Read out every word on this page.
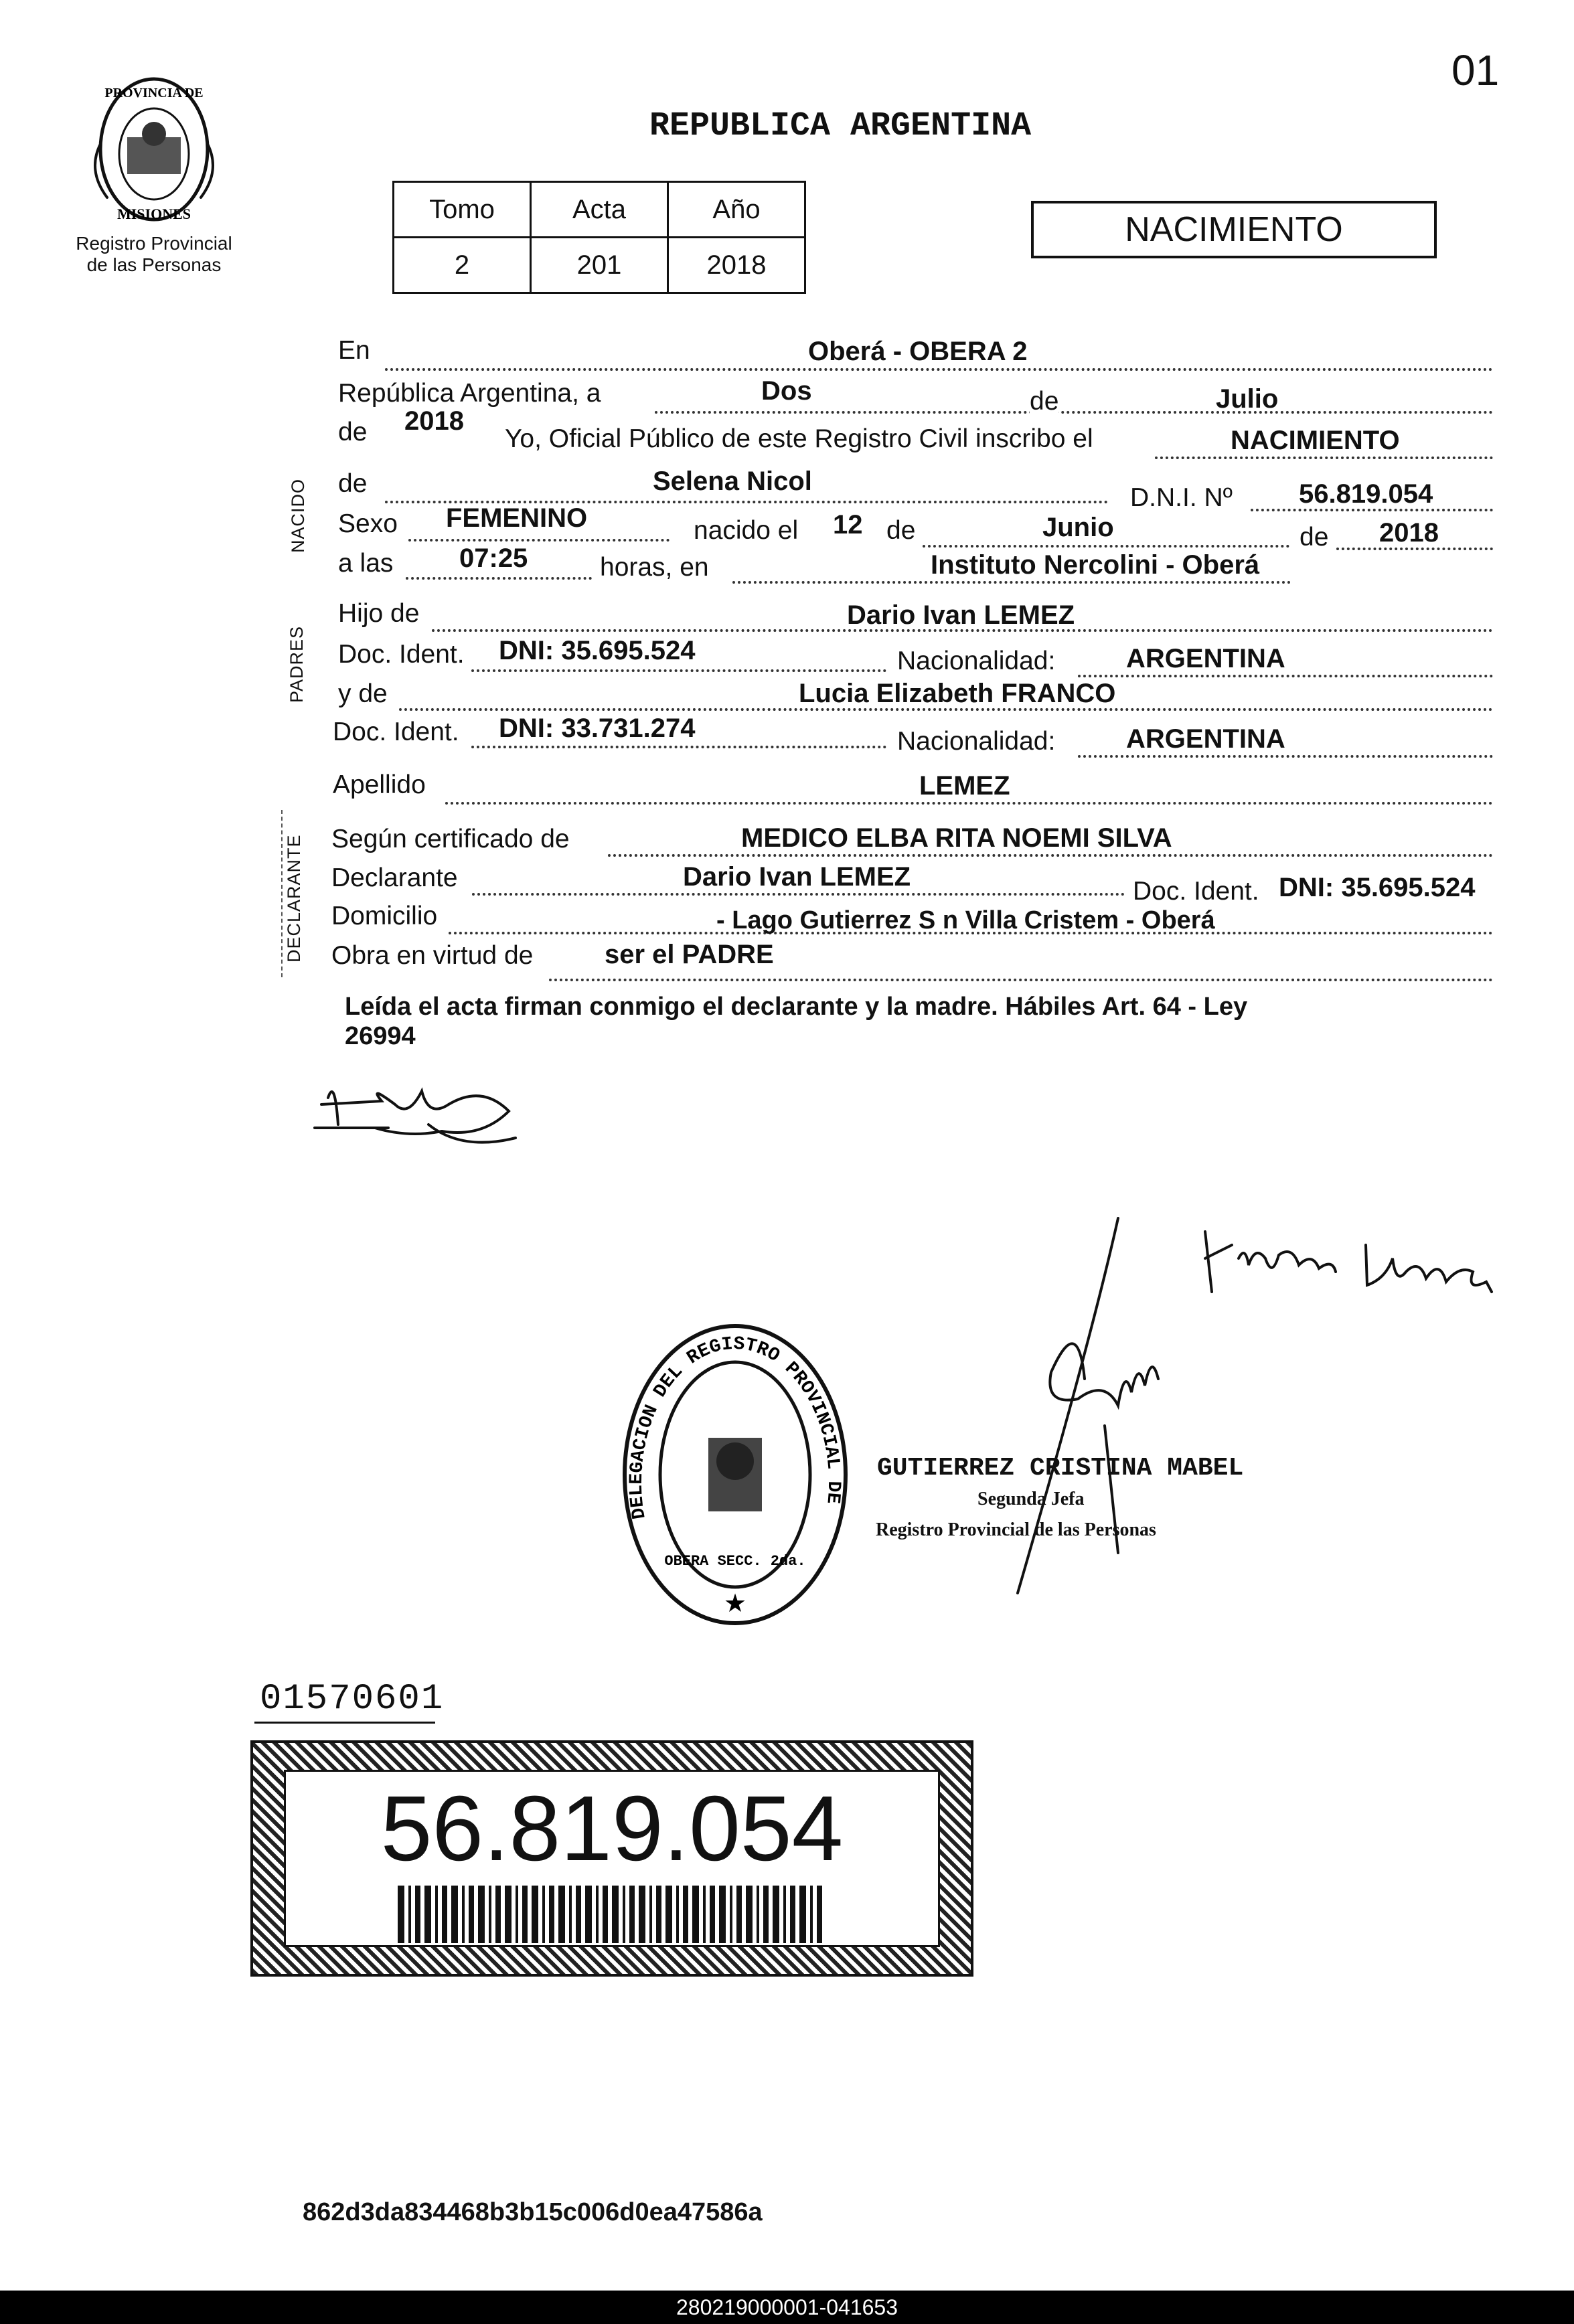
01
PROVINCIA DE
MISIONES
Registro Provincial
de las Personas
REPUBLICA ARGENTINA
Tomo	Acta	Año
2	201	2018
NACIMIENTO
NACIDO
PADRES
DECLARANTE
En	Oberá - OBERA 2
República Argentina, a	Dos	de	Julio
de 2018
Yo, Oficial Público de este Registro Civil inscribo el	NACIMIENTO
de	Selena Nicol
D.N.I. Nº 56.819.054
Sexo FEMENINO	nacido el 12 de	Junio	de 2018
a las 07:25	horas, en	Instituto Nercolini - Oberá
Hijo de	Dario Ivan LEMEZ
Doc. Ident. DNI: 35.695.524	Nacionalidad:	ARGENTINA
y de	Lucia Elizabeth FRANCO
Doc. Ident. DNI: 33.731.274	Nacionalidad:	ARGENTINA
Apellido	LEMEZ
Según certificado de	MEDICO ELBA RITA NOEMI SILVA
Declarante	Dario Ivan LEMEZ	Doc. Ident. DNI: 35.695.524
Domicilio	- Lago Gutierrez S n Villa Cristem - Oberá
Obra en virtud de	ser el PADRE
Leída el acta firman conmigo el declarante y la madre. Hábiles Art. 64 - Ley
26994
DELEGACION DEL REGISTRO PROVINCIAL DE
OBERA SECC. 2da.
★
GUTIERREZ CRISTINA MABEL
Segunda Jefa
Registro Provincial de las Personas
01570601
56.819.054
862d3da834468b3b15c006d0ea47586a
280219000001-041653
